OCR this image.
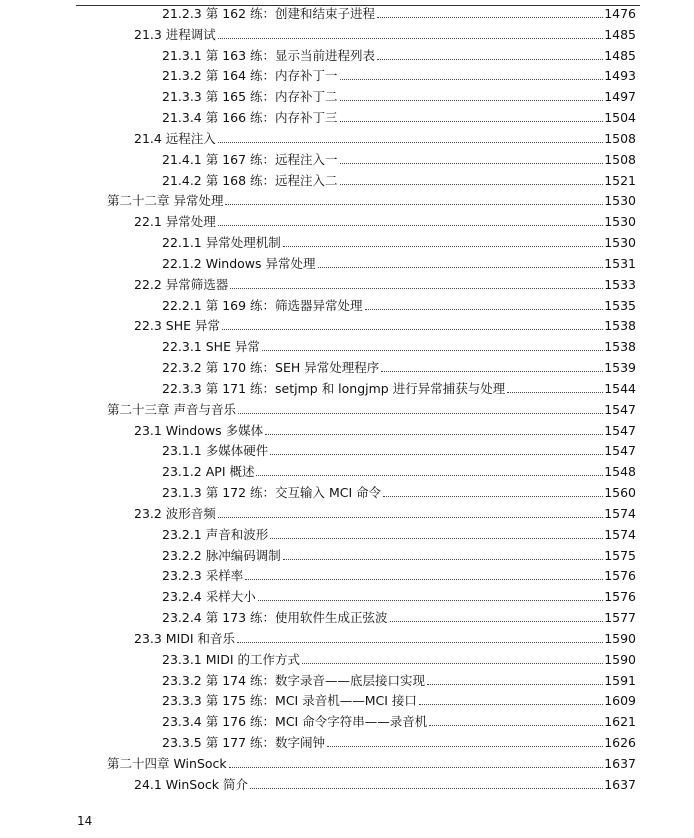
21.2.3 第 162 练：创建和结束子进程	1476
21.3 进程调试	1485
21.3.1 第 163 练：显示当前进程列表	1485
21.3.2 第 164 练：内存补丁一	1493
21.3.3 第 165 练：内存补丁二	1497
21.3.4 第 166 练：内存补丁三	1504
21.4 远程注入	1508
21.4.1 第 167 练：远程注入一	1508
21.4.2 第 168 练：远程注入二	1521
第二十二章 异常处理	1530
22.1 异常处理	1530
22.1.1 异常处理机制	1530
22.1.2 Windows 异常处理	1531
22.2 异常筛选器	1533
22.2.1 第 169 练：筛选器异常处理	1535
22.3 SHE 异常	1538
22.3.1 SHE 异常	1538
22.3.2 第 170 练：SEH 异常处理程序	1539
22.3.3 第 171 练：setjmp 和 longjmp 进行异常捕获与处理	1544
第二十三章 声音与音乐	1547
23.1 Windows 多媒体	1547
23.1.1 多媒体硬件	1547
23.1.2 API 概述	1548
23.1.3 第 172 练：交互输入 MCI 命令	1560
23.2 波形音频	1574
23.2.1 声音和波形	1574
23.2.2 脉冲编码调制	1575
23.2.3 采样率	1576
23.2.4 采样大小	1576
23.2.4 第 173 练：使用软件生成正弦波	1577
23.3 MIDI 和音乐	1590
23.3.1 MIDI 的工作方式	1590
23.3.2 第 174 练：数字录音——底层接口实现	1591
23.3.3 第 175 练：MCI 录音机——MCI 接口	1609
23.3.4 第 176 练：MCI 命令字符串——录音机	1621
23.3.5 第 177 练：数字闹钟	1626
第二十四章 WinSock	1637
24.1 WinSock 简介	1637
14
